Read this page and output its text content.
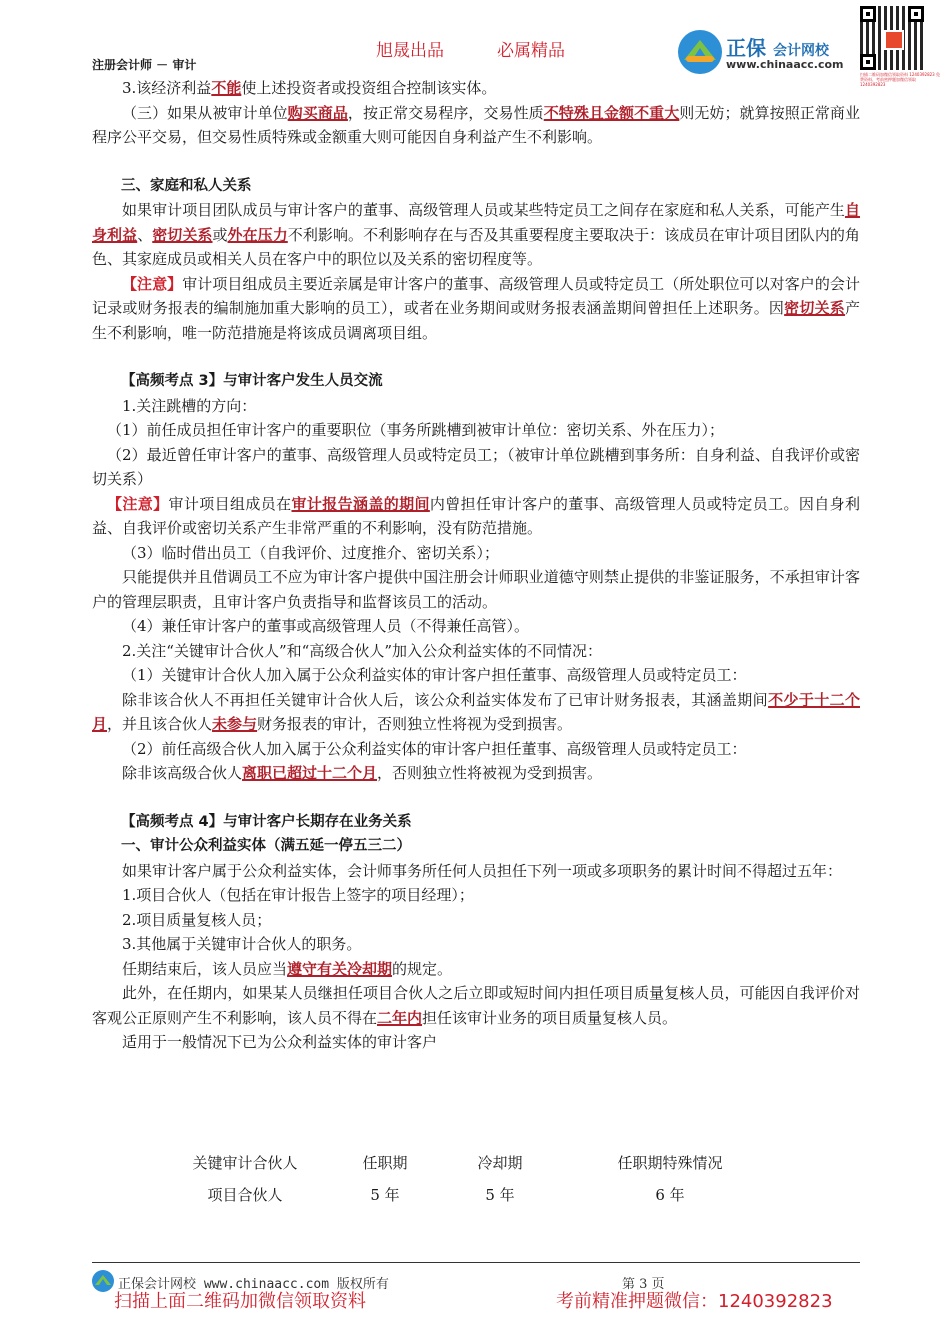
旭晟出品	必属精品
注册会计师 － 审计
正保 会计网校
www.chinaacc.com
扫描二维码加微信领取资料 1240392823 免费资料、考前密押题加微信领取 1240392823

3.该经济利益不能使上述投资者或投资组合控制该实体。

（三）如果从被审计单位购买商品，按正常交易程序，交易性质不特殊且金额不重大则无妨；就算按照正常商业程序公平交易，但交易性质特殊或金额重大则可能因自身利益产生不利影响。

三、家庭和私人关系

如果审计项目团队成员与审计客户的董事、高级管理人员或某些特定员工之间存在家庭和私人关系，可能产生自身利益、密切关系或外在压力不利影响。不利影响存在与否及其重要程度主要取决于：该成员在审计项目团队内的角色、其家庭成员或相关人员在客户中的职位以及关系的密切程度等。

【注意】审计项目组成员主要近亲属是审计客户的董事、高级管理人员或特定员工（所处职位可以对客户的会计记录或财务报表的编制施加重大影响的员工），或者在业务期间或财务报表涵盖期间曾担任上述职务。因密切关系产生不利影响，唯一防范措施是将该成员调离项目组。

【高频考点 3】与审计客户发生人员交流

1.关注跳槽的方向：

（1）前任成员担任审计客户的重要职位（事务所跳槽到被审计单位：密切关系、外在压力）；

（2）最近曾任审计客户的董事、高级管理人员或特定员工；（被审计单位跳槽到事务所：自身利益、自我评价或密切关系）

【注意】审计项目组成员在审计报告涵盖的期间内曾担任审计客户的董事、高级管理人员或特定员工。因自身利益、自我评价或密切关系产生非常严重的不利影响，没有防范措施。

（3）临时借出员工（自我评价、过度推介、密切关系）；

只能提供并且借调员工不应为审计客户提供中国注册会计师职业道德守则禁止提供的非鉴证服务，不承担审计客户的管理层职责，且审计客户负责指导和监督该员工的活动。

（4）兼任审计客户的董事或高级管理人员（不得兼任高管）。

2.关注“关键审计合伙人”和“高级合伙人”加入公众利益实体的不同情况：

（1）关键审计合伙人加入属于公众利益实体的审计客户担任董事、高级管理人员或特定员工：

除非该合伙人不再担任关键审计合伙人后，该公众利益实体发布了已审计财务报表，其涵盖期间不少于十二个月，并且该合伙人未参与财务报表的审计，否则独立性将视为受到损害。

（2）前任高级合伙人加入属于公众利益实体的审计客户担任董事、高级管理人员或特定员工：

除非该高级合伙人离职已超过十二个月，否则独立性将被视为受到损害。

【高频考点 4】与审计客户长期存在业务关系

一、审计公众利益实体（满五延一停五三二）

如果审计客户属于公众利益实体，会计师事务所任何人员担任下列一项或多项职务的累计时间不得超过五年：

1.项目合伙人（包括在审计报告上签字的项目经理）；

2.项目质量复核人员；

3.其他属于关键审计合伙人的职务。

任期结束后，该人员应当遵守有关冷却期的规定。

此外，在任期内，如果某人员继担任项目合伙人之后立即或短时间内担任项目质量复核人员，可能因自我评价对客观公正原则产生不利影响，该人员不得在二年内担任该审计业务的项目质量复核人员。

适用于一般情况下已为公众利益实体的审计客户

关键审计合伙人	任职期	冷却期	任职期特殊情况
项目合伙人	5 年	5 年	6 年
正保会计网校 www.chinaacc.com 版权所有	第 3 页
扫描上面二维码加微信领取资料	考前精准押题微信：1240392823
